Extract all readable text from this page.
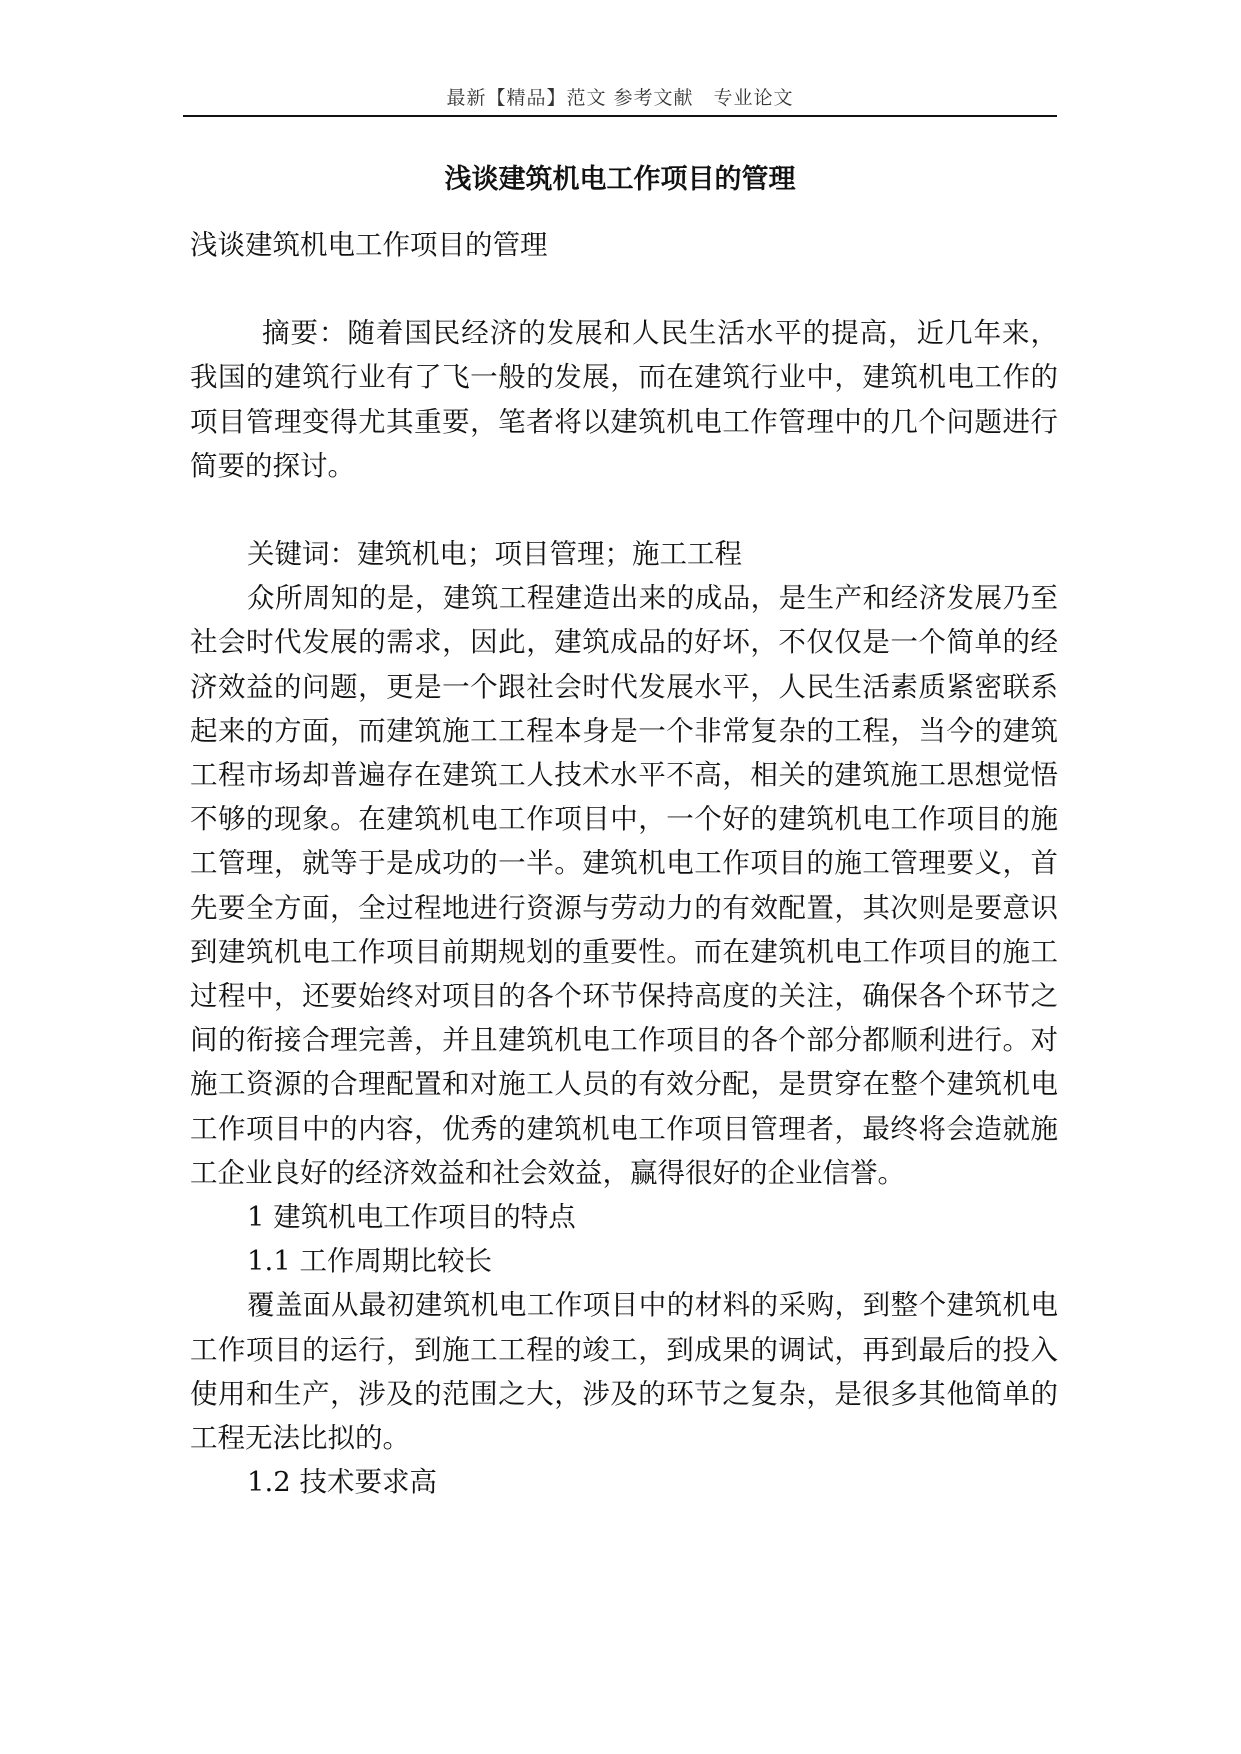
最新【精品】范文 参考文献　专业论文
浅谈建筑机电工作项目的管理

浅谈建筑机电工作项目的管理

摘要：随着国民经济的发展和人民生活水平的提高，近几年来，我国的建筑行业有了飞一般的发展，而在建筑行业中，建筑机电工作的项目管理变得尤其重要，笔者将以建筑机电工作管理中的几个问题进行简要的探讨。

关键词：建筑机电；项目管理；施工工程

众所周知的是，建筑工程建造出来的成品，是生产和经济发展乃至社会时代发展的需求，因此，建筑成品的好坏，不仅仅是一个简单的经济效益的问题，更是一个跟社会时代发展水平，人民生活素质紧密联系起来的方面，而建筑施工工程本身是一个非常复杂的工程，当今的建筑工程市场却普遍存在建筑工人技术水平不高，相关的建筑施工思想觉悟不够的现象。在建筑机电工作项目中，一个好的建筑机电工作项目的施工管理，就等于是成功的一半。建筑机电工作项目的施工管理要义，首先要全方面，全过程地进行资源与劳动力的有效配置，其次则是要意识到建筑机电工作项目前期规划的重要性。而在建筑机电工作项目的施工过程中，还要始终对项目的各个环节保持高度的关注，确保各个环节之间的衔接合理完善，并且建筑机电工作项目的各个部分都顺利进行。对施工资源的合理配置和对施工人员的有效分配，是贯穿在整个建筑机电工作项目中的内容，优秀的建筑机电工作项目管理者，最终将会造就施工企业良好的经济效益和社会效益，赢得很好的企业信誉。

1 建筑机电工作项目的特点

1.1 工作周期比较长

覆盖面从最初建筑机电工作项目中的材料的采购，到整个建筑机电工作项目的运行，到施工工程的竣工，到成果的调试，再到最后的投入使用和生产，涉及的范围之大，涉及的环节之复杂，是很多其他简单的工程无法比拟的。

1.2 技术要求高
